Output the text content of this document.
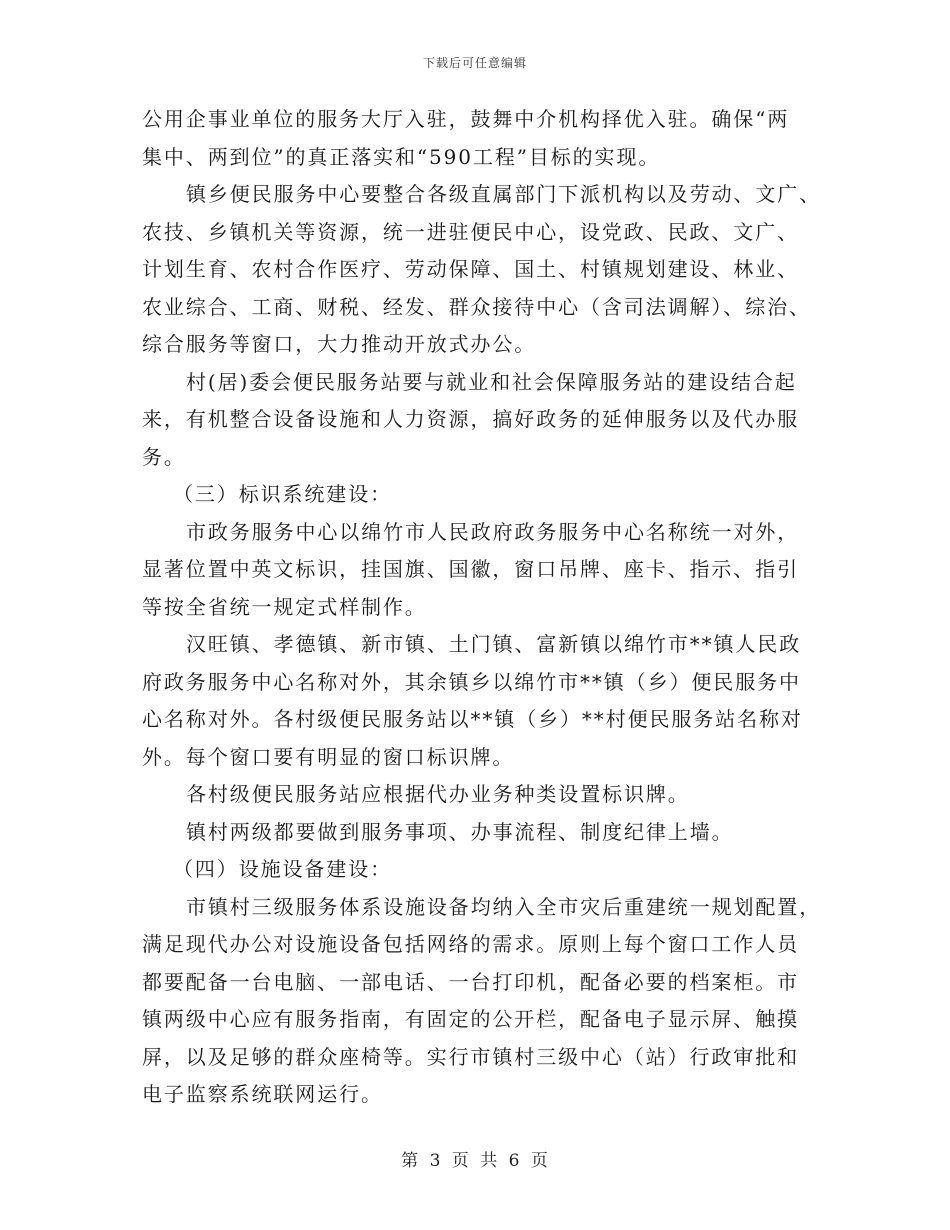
下载后可任意编辑
公用企事业单位的服务大厅入驻，鼓舞中介机构择优入驻。确保“两
集中、两到位”的真正落实和“590工程”目标的实现。
镇乡便民服务中心要整合各级直属部门下派机构以及劳动、文广、
农技、乡镇机关等资源，统一进驻便民中心，设党政、民政、文广、
计划生育、农村合作医疗、劳动保障、国土、村镇规划建设、林业、
农业综合、工商、财税、经发、群众接待中心（含司法调解）、综治、
综合服务等窗口，大力推动开放式办公。
村(居)委会便民服务站要与就业和社会保障服务站的建设结合起
来，有机整合设备设施和人力资源，搞好政务的延伸服务以及代办服
务。
（三）标识系统建设：
市政务服务中心以绵竹市人民政府政务服务中心名称统一对外，
显著位置中英文标识，挂国旗、国徽，窗口吊牌、座卡、指示、指引
等按全省统一规定式样制作。
汉旺镇、孝德镇、新市镇、土门镇、富新镇以绵竹市**镇人民政
府政务服务中心名称对外，其余镇乡以绵竹市**镇（乡）便民服务中
心名称对外。各村级便民服务站以**镇（乡）**村便民服务站名称对
外。每个窗口要有明显的窗口标识牌。
各村级便民服务站应根据代办业务种类设置标识牌。
镇村两级都要做到服务事项、办事流程、制度纪律上墙。
（四）设施设备建设：
市镇村三级服务体系设施设备均纳入全市灾后重建统一规划配置，
满足现代办公对设施设备包括网络的需求。原则上每个窗口工作人员
都要配备一台电脑、一部电话、一台打印机，配备必要的档案柜。市
镇两级中心应有服务指南，有固定的公开栏，配备电子显示屏、触摸
屏，以及足够的群众座椅等。实行市镇村三级中心（站）行政审批和
电子监察系统联网运行。
第 3 页 共 6 页
